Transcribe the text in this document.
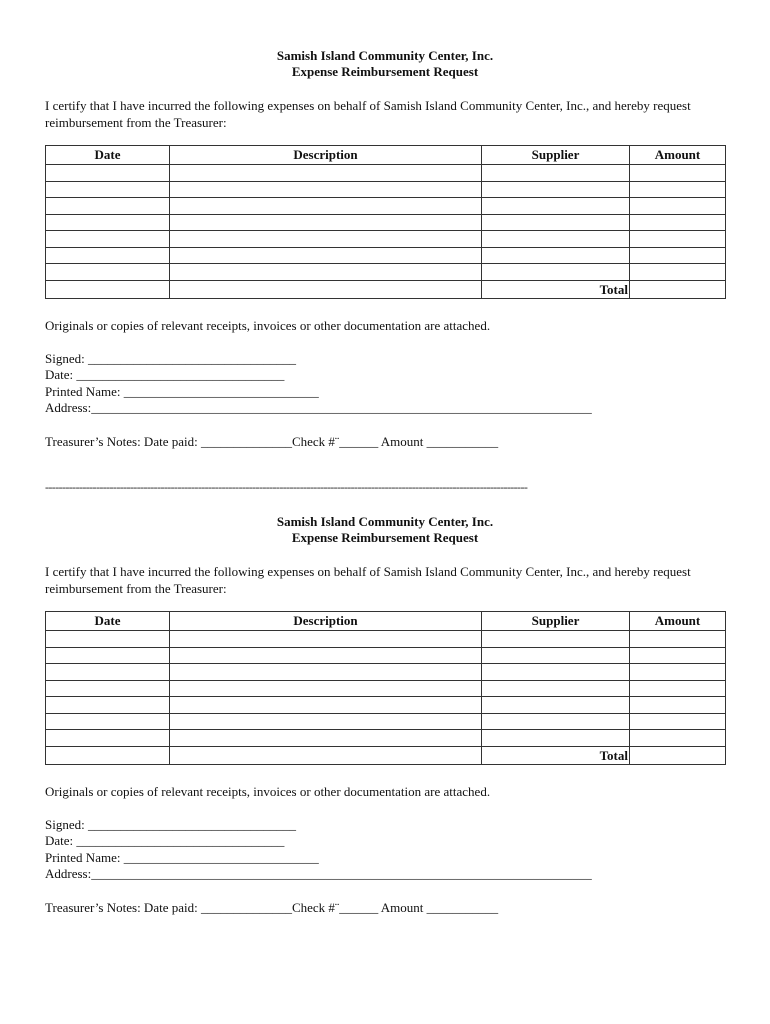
Samish Island Community Center, Inc.
Expense Reimbursement Request
I certify that I have incurred the following expenses on behalf of Samish Island Community Center, Inc., and hereby request reimbursement from the Treasurer:
Date	Description	Supplier	Amount

		Total	
Originals or copies of relevant receipts, invoices or other documentation are attached.
Signed: ________________________________
Date: ________________________________
Printed Name: ______________________________
Address:_____________________________________________________________________________
Treasurer’s Notes: Date paid: ______________Check #¨______ Amount ___________
----------------------------------------------------------------------------------------------------------------------------------------------
Samish Island Community Center, Inc.
Expense Reimbursement Request
I certify that I have incurred the following expenses on behalf of Samish Island Community Center, Inc., and hereby request reimbursement from the Treasurer:
Date	Description	Supplier	Amount

		Total	
Originals or copies of relevant receipts, invoices or other documentation are attached.
Signed: ________________________________
Date: ________________________________
Printed Name: ______________________________
Address:_____________________________________________________________________________
Treasurer’s Notes: Date paid: ______________Check #¨______ Amount ___________
